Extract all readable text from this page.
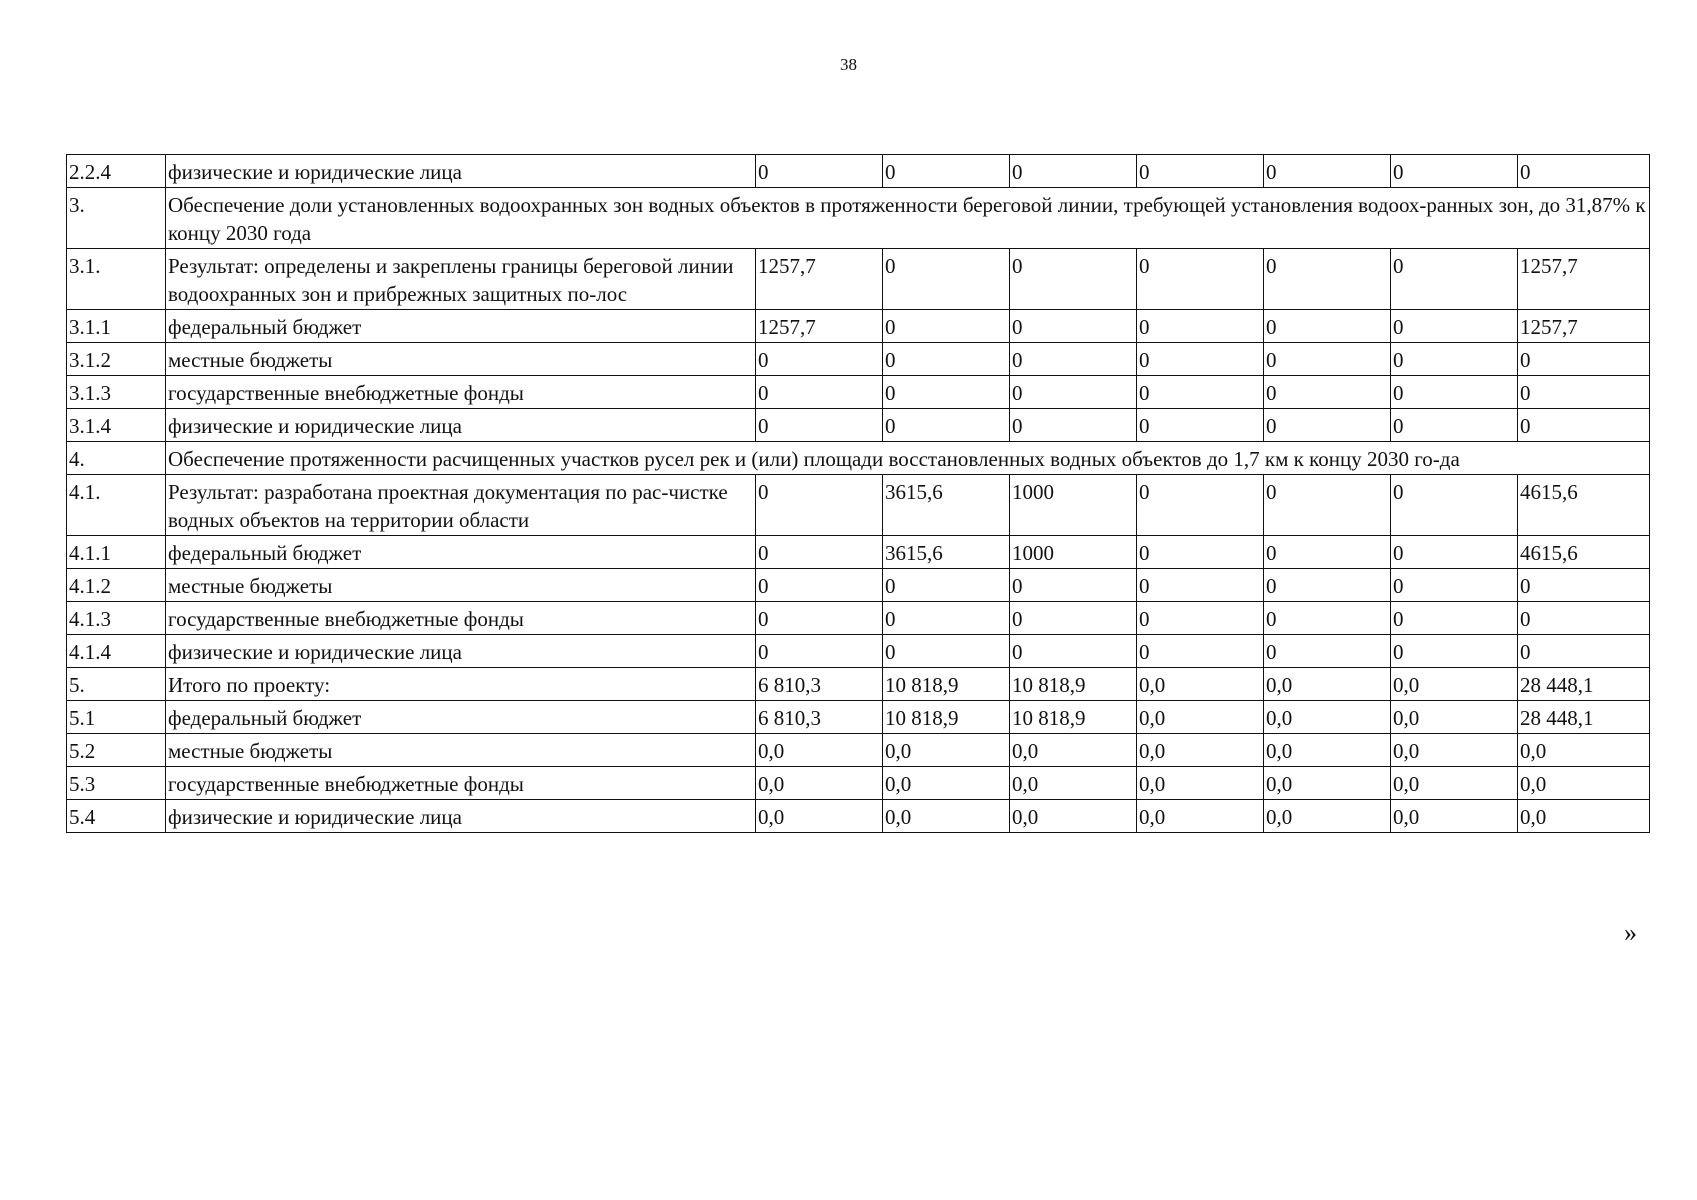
38
2.2.4	физические и юридические лица	0	0	0	0	0	0	0
3.	Обеспечение доли установленных водоохранных зон водных объектов в протяженности береговой линии, требующей установления водоох-ранных зон, до 31,87% к концу 2030 года							
3.1.	Результат: определены и закреплены границы береговой линии водоохранных зон и прибрежных защитных по-лос	1257,7	0	0	0	0	0	1257,7
3.1.1	федеральный бюджет	1257,7	0	0	0	0	0	1257,7
3.1.2	местные бюджеты	0	0	0	0	0	0	0
3.1.3	государственные внебюджетные фонды	0	0	0	0	0	0	0
3.1.4	физические и юридические лица	0	0	0	0	0	0	0
4.	Обеспечение протяженности расчищенных участков русел рек и (или) площади восстановленных водных объектов до 1,7 км к концу 2030 го-да							
4.1.	Результат: разработана проектная документация по рас-чистке водных объектов на территории области	0	3615,6	1000	0	0	0	4615,6
4.1.1	федеральный бюджет	0	3615,6	1000	0	0	0	4615,6
4.1.2	местные бюджеты	0	0	0	0	0	0	0
4.1.3	государственные внебюджетные фонды	0	0	0	0	0	0	0
4.1.4	физические и юридические лица	0	0	0	0	0	0	0
5.	Итого по проекту:	6 810,3	10 818,9	10 818,9	0,0	0,0	0,0	28 448,1
5.1	федеральный бюджет	6 810,3	10 818,9	10 818,9	0,0	0,0	0,0	28 448,1
5.2	местные бюджеты	0,0	0,0	0,0	0,0	0,0	0,0	0,0
5.3	государственные внебюджетные фонды	0,0	0,0	0,0	0,0	0,0	0,0	0,0
5.4	физические и юридические лица	0,0	0,0	0,0	0,0	0,0	0,0	0,0
»
